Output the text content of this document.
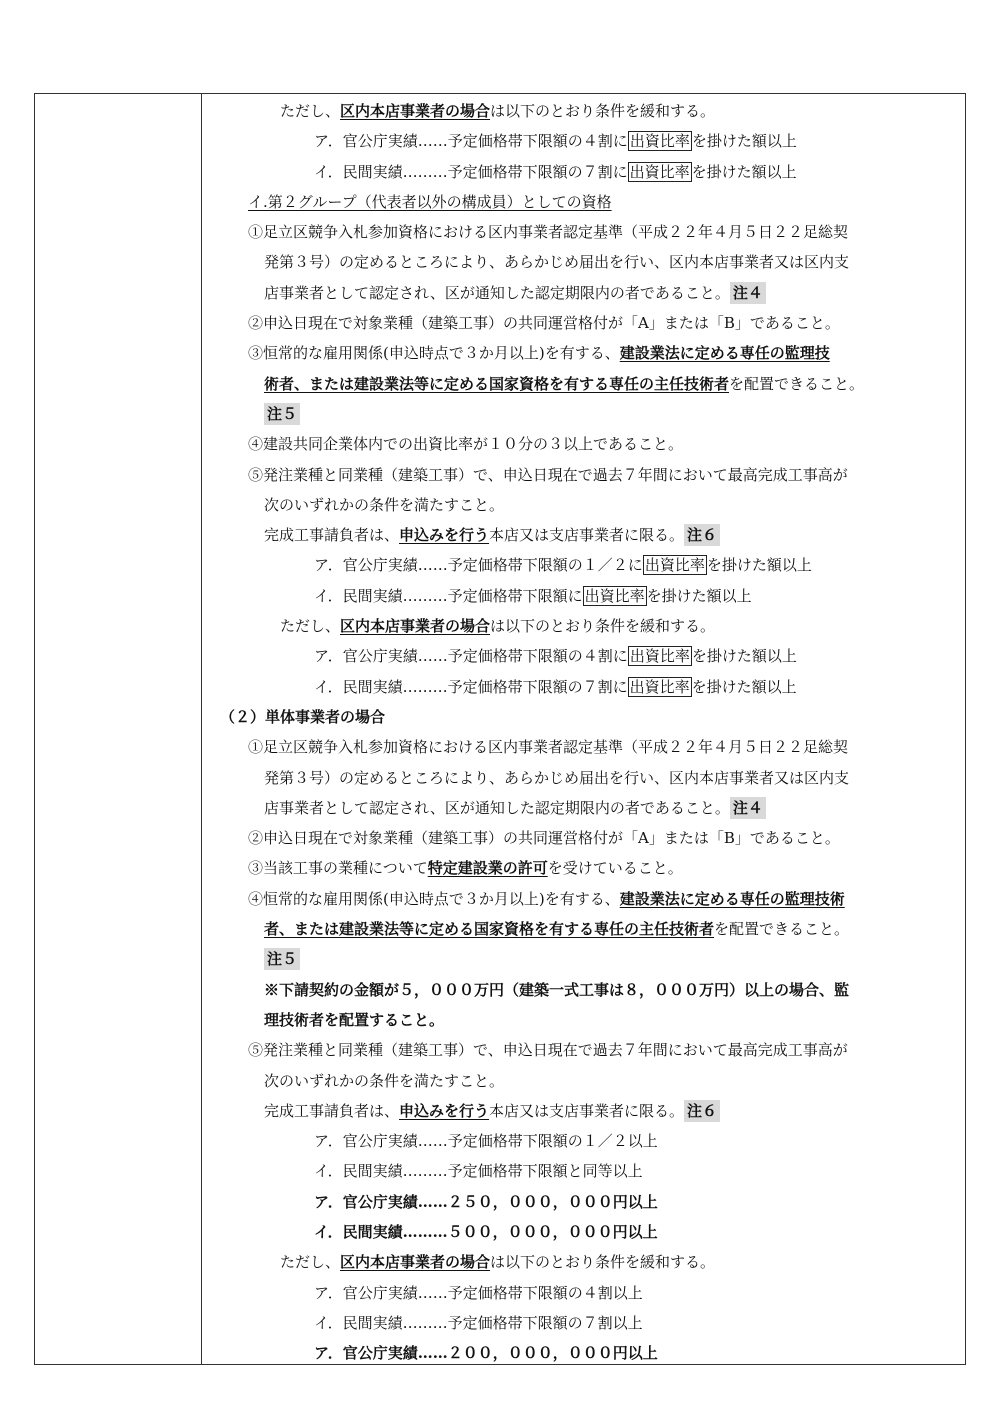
ただし、区内本店事業者の場合は以下のとおり条件を緩和する。
ア．官公庁実績……予定価格帯下限額の４割に 出資比率 を掛けた額以上
イ．民間実績………予定価格帯下限額の７割に 出資比率 を掛けた額以上
イ.第２グループ（代表者以外の構成員）としての資格
①足立区競争入札参加資格における区内事業者認定基準（平成２２年４月５日２２足総契
発第３号）の定めるところにより、あらかじめ届出を行い、区内本店事業者又は区内支
店事業者として認定され、区が通知した認定期限内の者であること。 注４
②申込日現在で対象業種（建築工事）の共同運営格付が「A」または「B」であること。
③恒常的な雇用関係(申込時点で３か月以上)を有する、建設業法に定める専任の監理技
術者、または建設業法等に定める国家資格を有する専任の主任技術者を配置できること。
注５
④建設共同企業体内での出資比率が１０分の３以上であること。
⑤発注業種と同業種（建築工事）で、申込日現在で過去７年間において最高完成工事高が
次のいずれかの条件を満たすこと。
完成工事請負者は、申込みを行う本店又は支店事業者に限る。 注６
ア．官公庁実績……予定価格帯下限額の１／２に 出資比率 を掛けた額以上
イ．民間実績………予定価格帯下限額に 出資比率 を掛けた額以上
ただし、区内本店事業者の場合は以下のとおり条件を緩和する。
ア．官公庁実績……予定価格帯下限額の４割に 出資比率 を掛けた額以上
イ．民間実績………予定価格帯下限額の７割に 出資比率 を掛けた額以上
（２）単体事業者の場合
①足立区競争入札参加資格における区内事業者認定基準（平成２２年４月５日２２足総契
発第３号）の定めるところにより、あらかじめ届出を行い、区内本店事業者又は区内支
店事業者として認定され、区が通知した認定期限内の者であること。 注４
②申込日現在で対象業種（建築工事）の共同運営格付が「A」または「B」であること。
③当該工事の業種について特定建設業の許可を受けていること。
④恒常的な雇用関係(申込時点で３か月以上)を有する、建設業法に定める専任の監理技術
者、または建設業法等に定める国家資格を有する専任の主任技術者を配置できること。
注５
※下請契約の金額が５，０００万円（建築一式工事は８，０００万円）以上の場合、監
理技術者を配置すること。
⑤発注業種と同業種（建築工事）で、申込日現在で過去７年間において最高完成工事高が
次のいずれかの条件を満たすこと。
完成工事請負者は、申込みを行う本店又は支店事業者に限る。 注６
ア．官公庁実績……予定価格帯下限額の１／２以上
イ．民間実績………予定価格帯下限額と同等以上
ア．官公庁実績……２５０，０００，０００円以上
イ．民間実績………５００，０００，０００円以上
ただし、区内本店事業者の場合は以下のとおり条件を緩和する。
ア．官公庁実績……予定価格帯下限額の４割以上
イ．民間実績………予定価格帯下限額の７割以上
ア．官公庁実績……２００，０００，０００円以上
